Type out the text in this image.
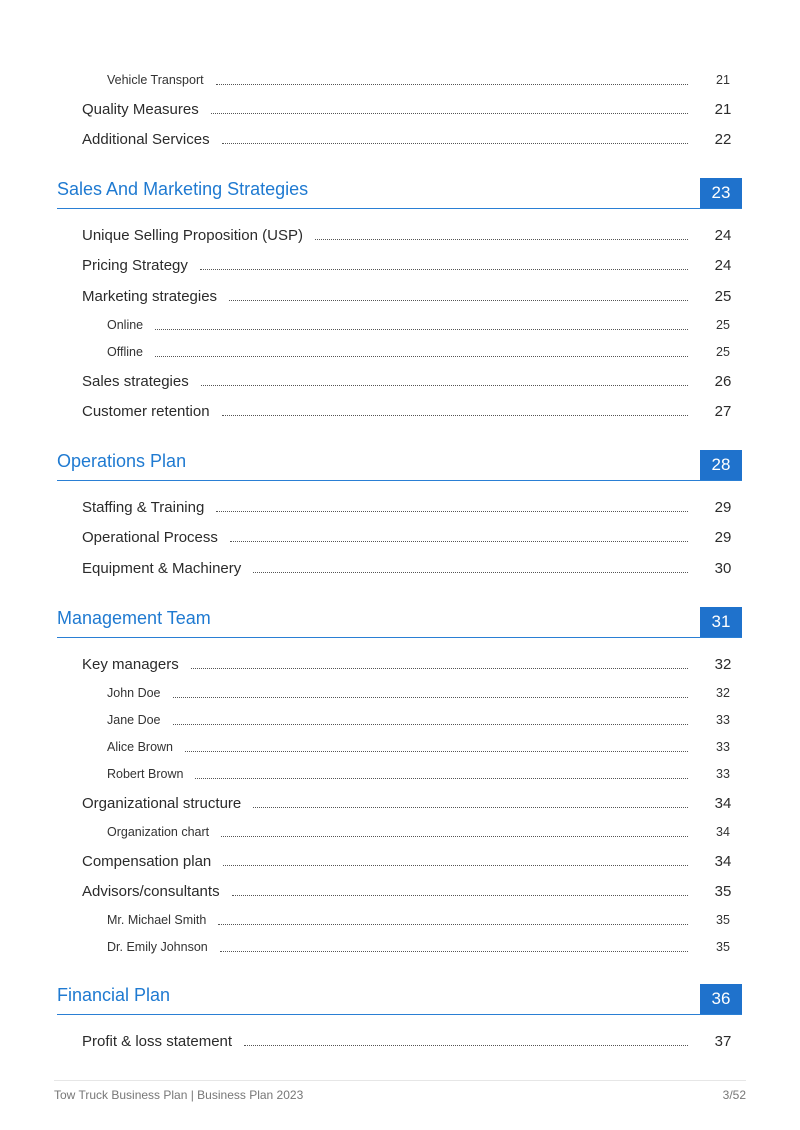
Vehicle Transport	21
Quality Measures	21
Additional Services	22
Sales And Marketing Strategies	23
Unique Selling Proposition (USP)	24
Pricing Strategy	24
Marketing strategies	25
Online	25
Offline	25
Sales strategies	26
Customer retention	27
Operations Plan	28
Staffing & Training	29
Operational Process	29
Equipment & Machinery	30
Management Team	31
Key managers	32
John Doe	32
Jane Doe	33
Alice Brown	33
Robert Brown	33
Organizational structure	34
Organization chart	34
Compensation plan	34
Advisors/consultants	35
Mr. Michael Smith	35
Dr. Emily Johnson	35
Financial Plan	36
Profit & loss statement	37
Tow Truck Business Plan | Business Plan 2023	3/52
